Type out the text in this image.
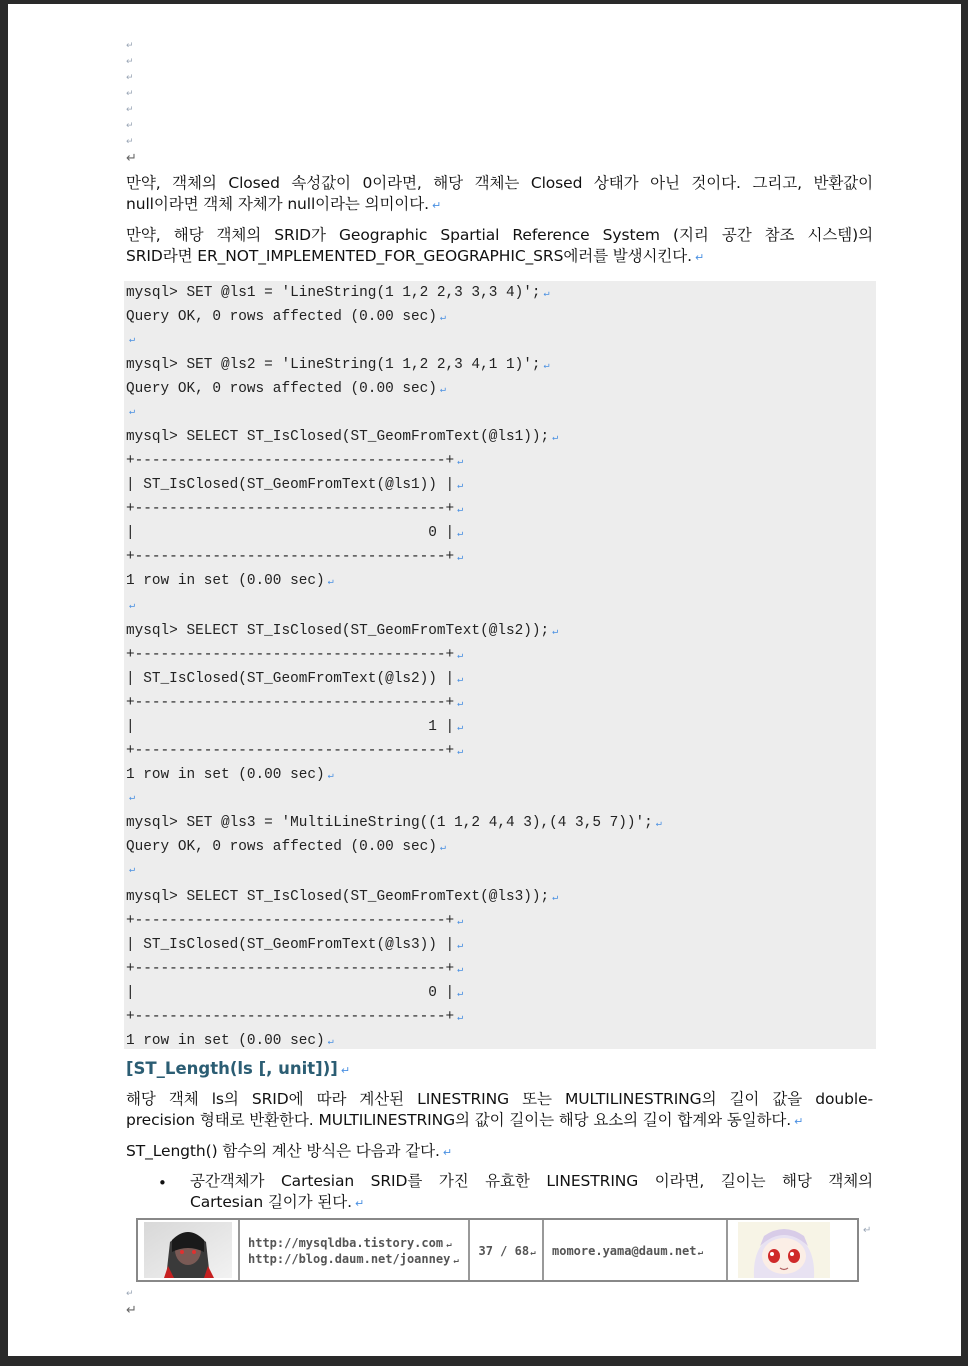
↵
↵
↵
↵
↵
↵
↵
↵
만약, 객체의 Closed 속성값이 0이라면, 해당 객체는 Closed 상태가 아닌 것이다. 그리고, 반환값이
null이라면 객체 자체가 null이라는 의미이다. ↵
만약, 해당 객체의 SRID가 Geographic Spartial Reference System (지리 공간 참조 시스템)의
SRID라면 ER_NOT_IMPLEMENTED_FOR_GEOGRAPHIC_SRS에러를 발생시킨다. ↵
mysql> SET @ls1 = 'LineString(1 1,2 2,3 3,3 4)'; ↵
Query OK, 0 rows affected (0.00 sec) ↵
↵
mysql> SET @ls2 = 'LineString(1 1,2 2,3 4,1 1)'; ↵
Query OK, 0 rows affected (0.00 sec) ↵
↵
mysql> SELECT ST_IsClosed(ST_GeomFromText(@ls1)); ↵
+------------------------------------+ ↵
| ST_IsClosed(ST_GeomFromText(@ls1)) | ↵
+------------------------------------+ ↵
|                                  0 | ↵
+------------------------------------+ ↵
1 row in set (0.00 sec) ↵
↵
mysql> SELECT ST_IsClosed(ST_GeomFromText(@ls2)); ↵
+------------------------------------+ ↵
| ST_IsClosed(ST_GeomFromText(@ls2)) | ↵
+------------------------------------+ ↵
|                                  1 | ↵
+------------------------------------+ ↵
1 row in set (0.00 sec) ↵
↵
mysql> SET @ls3 = 'MultiLineString((1 1,2 4,4 3),(4 3,5 7))'; ↵
Query OK, 0 rows affected (0.00 sec) ↵
↵
mysql> SELECT ST_IsClosed(ST_GeomFromText(@ls3)); ↵
+------------------------------------+ ↵
| ST_IsClosed(ST_GeomFromText(@ls3)) | ↵
+------------------------------------+ ↵
|                                  0 | ↵
+------------------------------------+ ↵
1 row in set (0.00 sec) ↵
[ST_Length(ls [, unit])] ↵
해당 객체 ls의 SRID에 따라 계산된 LINESTRING 또는 MULTILINESTRING의 길이 값을 double-
precision 형태로 반환한다. MULTILINESTRING의 값이 길이는 해당 요소의 길이 합계와 동일하다. ↵
ST_Length() 함수의 계산 방식은 다음과 같다. ↵
• 공간객체가 Cartesian SRID를 가진 유효한 LINESTRING 이라면, 길이는 해당 객체의
Cartesian 길이가 된다. ↵
http://mysqldba.tistory.com ↵
http://blog.daum.net/joanney ↵
37 / 68↵	momore.yama@daum.net↵
↵
↵
↵
